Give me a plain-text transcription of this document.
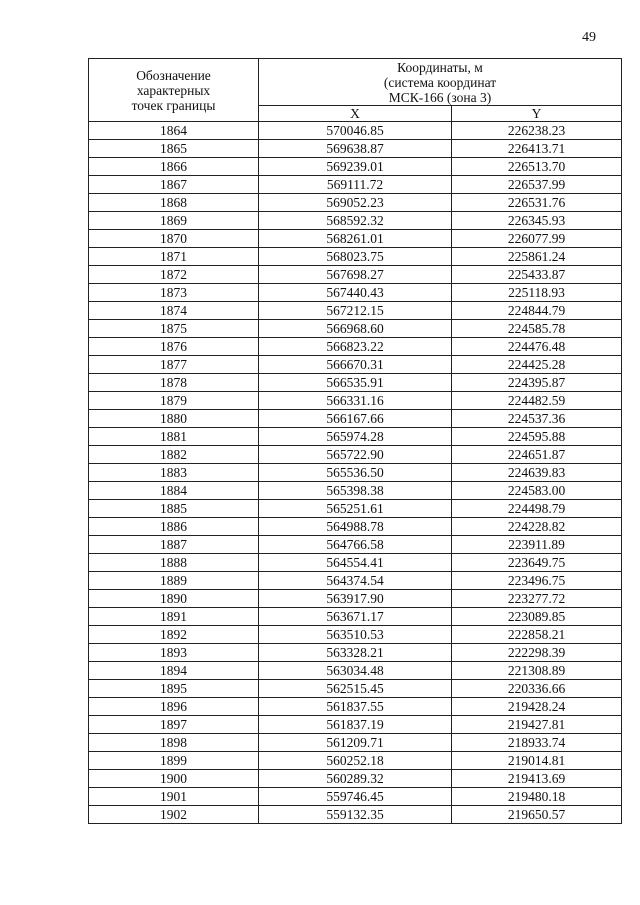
49
Обозначение
характерных
точек границы	Координаты, м
(система координат
МСК-166 (зона 3)	

	X	Y
1864	570046.85	226238.23
1865	569638.87	226413.71
1866	569239.01	226513.70
1867	569111.72	226537.99
1868	569052.23	226531.76
1869	568592.32	226345.93
1870	568261.01	226077.99
1871	568023.75	225861.24
1872	567698.27	225433.87
1873	567440.43	225118.93
1874	567212.15	224844.79
1875	566968.60	224585.78
1876	566823.22	224476.48
1877	566670.31	224425.28
1878	566535.91	224395.87
1879	566331.16	224482.59
1880	566167.66	224537.36
1881	565974.28	224595.88
1882	565722.90	224651.87
1883	565536.50	224639.83
1884	565398.38	224583.00
1885	565251.61	224498.79
1886	564988.78	224228.82
1887	564766.58	223911.89
1888	564554.41	223649.75
1889	564374.54	223496.75
1890	563917.90	223277.72
1891	563671.17	223089.85
1892	563510.53	222858.21
1893	563328.21	222298.39
1894	563034.48	221308.89
1895	562515.45	220336.66
1896	561837.55	219428.24
1897	561837.19	219427.81
1898	561209.71	218933.74
1899	560252.18	219014.81
1900	560289.32	219413.69
1901	559746.45	219480.18
1902	559132.35	219650.57
